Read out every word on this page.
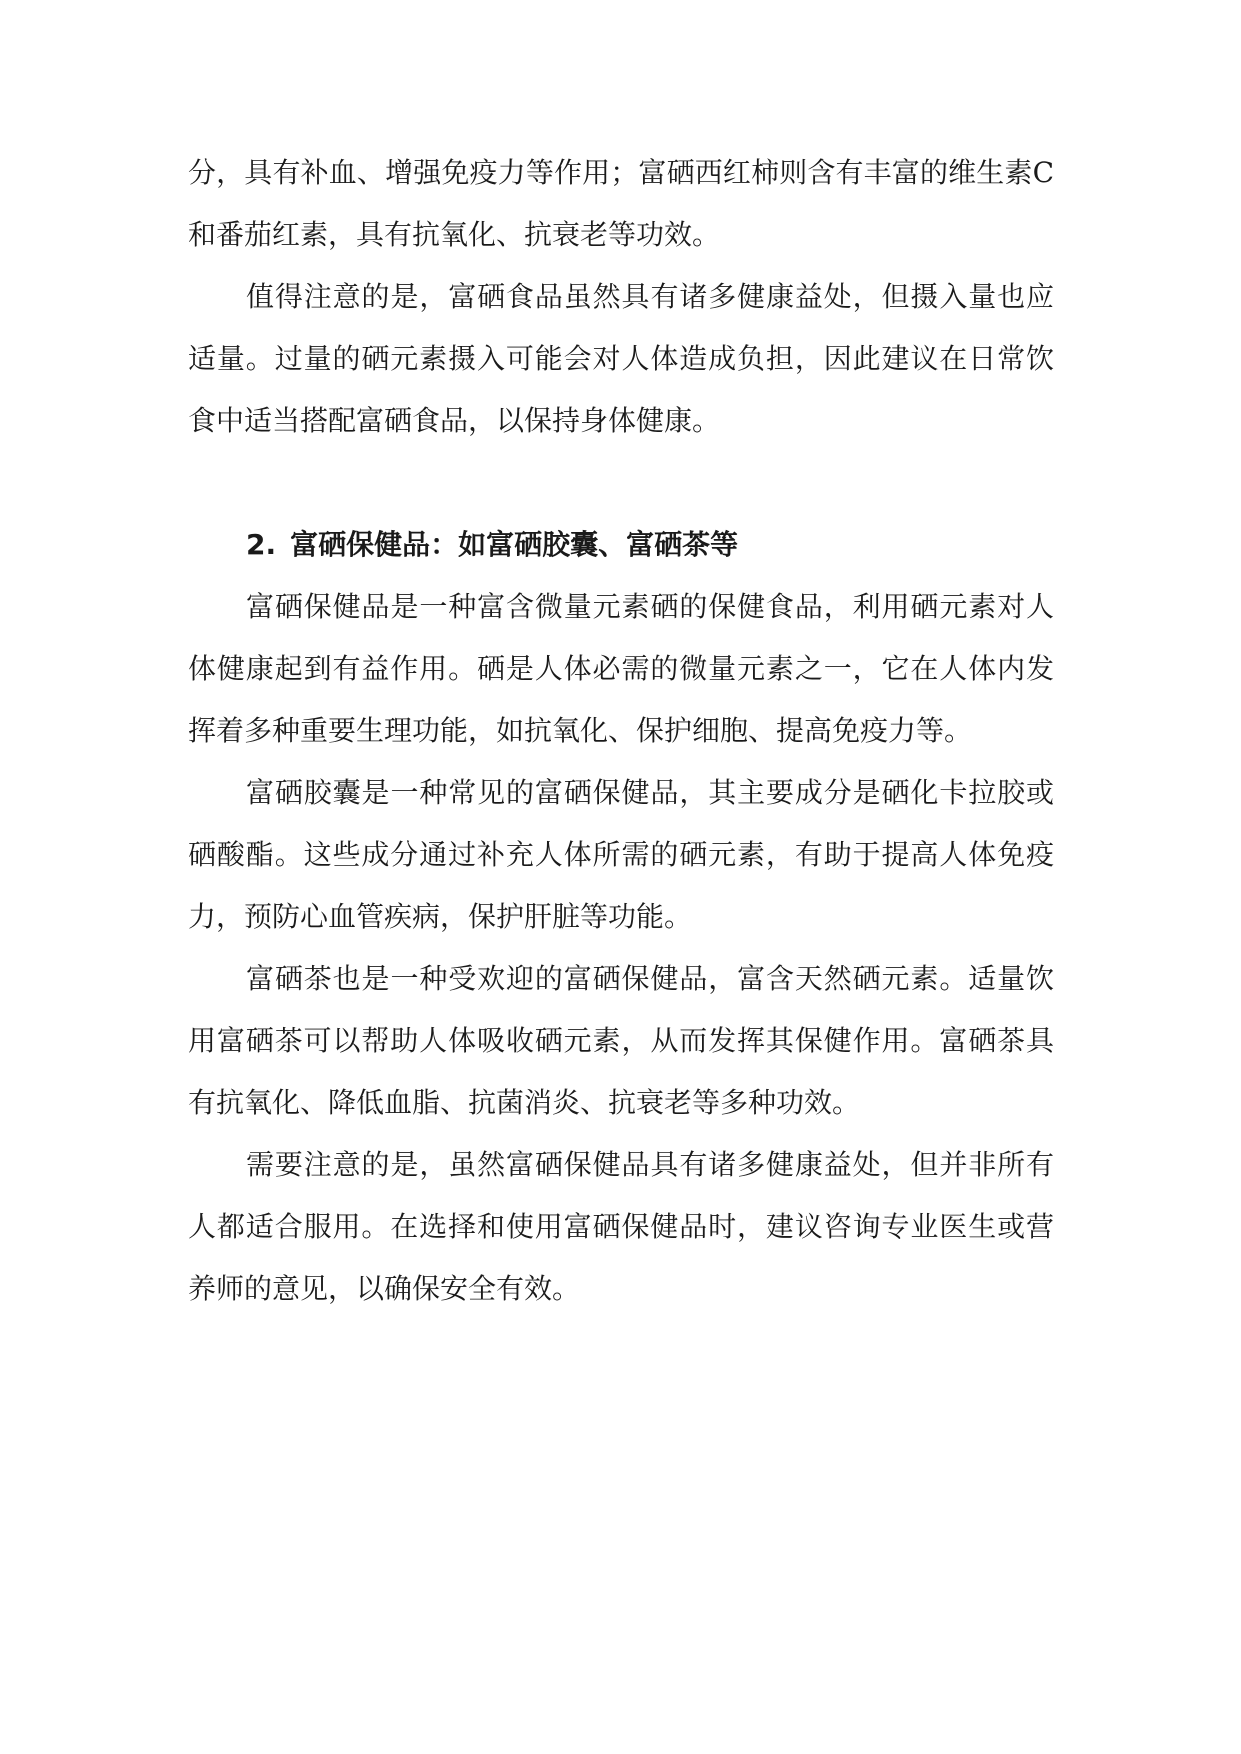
分，具有补血、增强免疫力等作用；富硒西红柿则含有丰富的维生素C和番茄红素，具有抗氧化、抗衰老等功效。

值得注意的是，富硒食品虽然具有诸多健康益处，但摄入量也应适量。过量的硒元素摄入可能会对人体造成负担，因此建议在日常饮食中适当搭配富硒食品，以保持身体健康。

2. 富硒保健品：如富硒胶囊、富硒茶等

富硒保健品是一种富含微量元素硒的保健食品，利用硒元素对人体健康起到有益作用。硒是人体必需的微量元素之一，它在人体内发挥着多种重要生理功能，如抗氧化、保护细胞、提高免疫力等。

富硒胶囊是一种常见的富硒保健品，其主要成分是硒化卡拉胶或硒酸酯。这些成分通过补充人体所需的硒元素，有助于提高人体免疫力，预防心血管疾病，保护肝脏等功能。

富硒茶也是一种受欢迎的富硒保健品，富含天然硒元素。适量饮用富硒茶可以帮助人体吸收硒元素，从而发挥其保健作用。富硒茶具有抗氧化、降低血脂、抗菌消炎、抗衰老等多种功效。

需要注意的是，虽然富硒保健品具有诸多健康益处，但并非所有人都适合服用。在选择和使用富硒保健品时，建议咨询专业医生或营养师的意见，以确保安全有效。
